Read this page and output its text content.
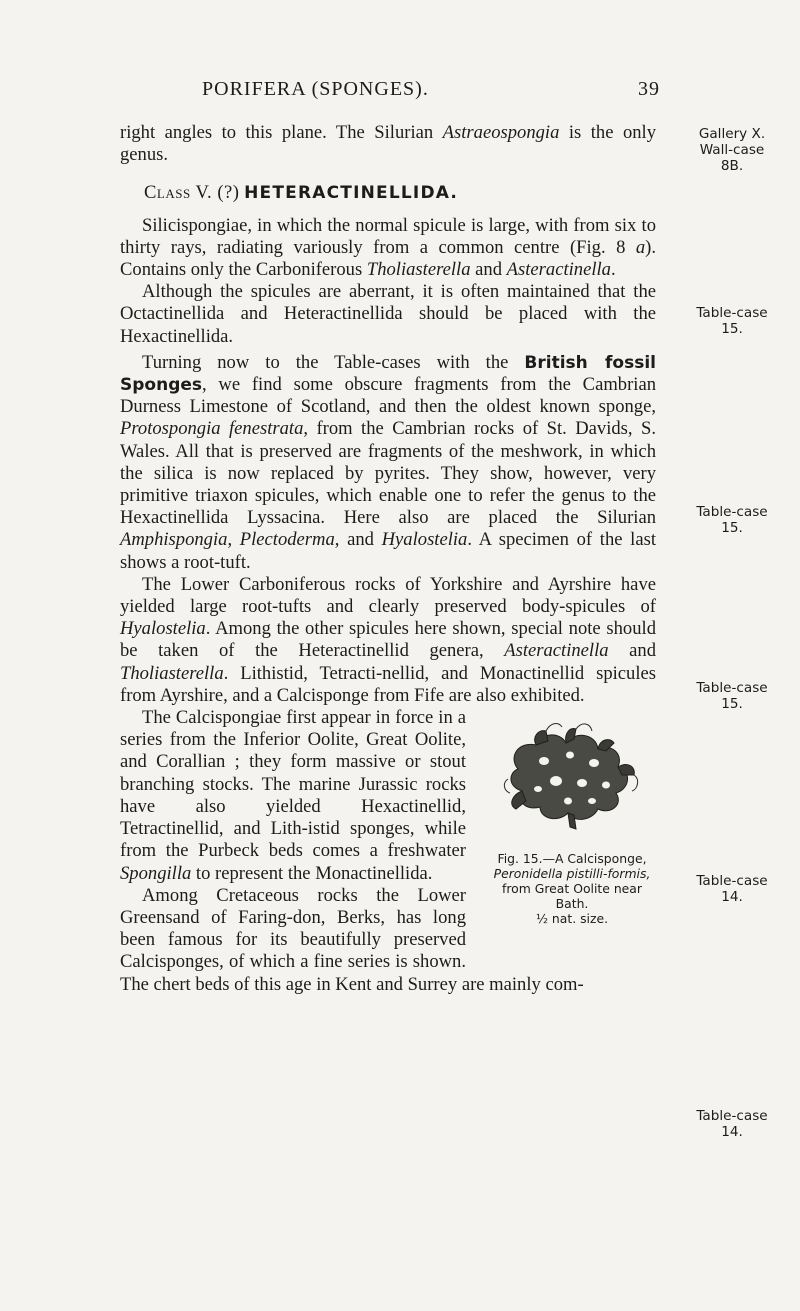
PORIFERA (SPONGES).	39

right angles to this plane. The Silurian Astraeospongia is the only genus.

Class V. (?) HETERACTINELLIDA.

Silicispongiae, in which the normal spicule is large, with from six to thirty rays, radiating variously from a common centre (Fig. 8 a). Contains only the Carboniferous Tholiasterella and Asteractinella.

Although the spicules are aberrant, it is often maintained that the Octactinellida and Heteractinellida should be placed with the Hexactinellida.

Turning now to the Table-cases with the British fossil Sponges, we find some obscure fragments from the Cambrian Durness Limestone of Scotland, and then the oldest known sponge, Protospongia fenestrata, from the Cambrian rocks of St. Davids, S. Wales. All that is preserved are fragments of the meshwork, in which the silica is now replaced by pyrites. They show, however, very primitive triaxon spicules, which enable one to refer the genus to the Hexactinellida Lyssacina. Here also are placed the Silurian Amphispongia, Plectoderma, and Hyalostelia. A specimen of the last shows a root-tuft.

The Lower Carboniferous rocks of Yorkshire and Ayrshire have yielded large root-tufts and clearly preserved body-spicules of Hyalostelia. Among the other spicules here shown, special note should be taken of the Heteractinellid genera, Asteractinella and Tholiasterella. Lithistid, Tetracti-nellid, and Monactinellid spicules from Ayrshire, and a Calcisponge from Fife are also exhibited.

Fig. 15.—A Calcisponge,
Peronidella pistilli-formis, from Great Oolite near Bath.
½ nat. size.

The Calcispongiae first appear in force in a series from the Inferior Oolite, Great Oolite, and Corallian ; they form massive or stout branching stocks. The marine Jurassic rocks have also yielded Hexactinellid, Tetractinellid, and Lith-istid sponges, while from the Purbeck beds comes a freshwater Spongilla to represent the Monactinellida.

Among Cretaceous rocks the Lower Greensand of Faring-don, Berks, has long been famous for its beautifully preserved Calcisponges, of which a fine series is shown. The chert beds of this age in Kent and Surrey are mainly com-

Gallery X.
Wall-case
8B.
Table-case
15.
Table-case
15.
Table-case
15.
Table-case
14.
Table-case
14.
